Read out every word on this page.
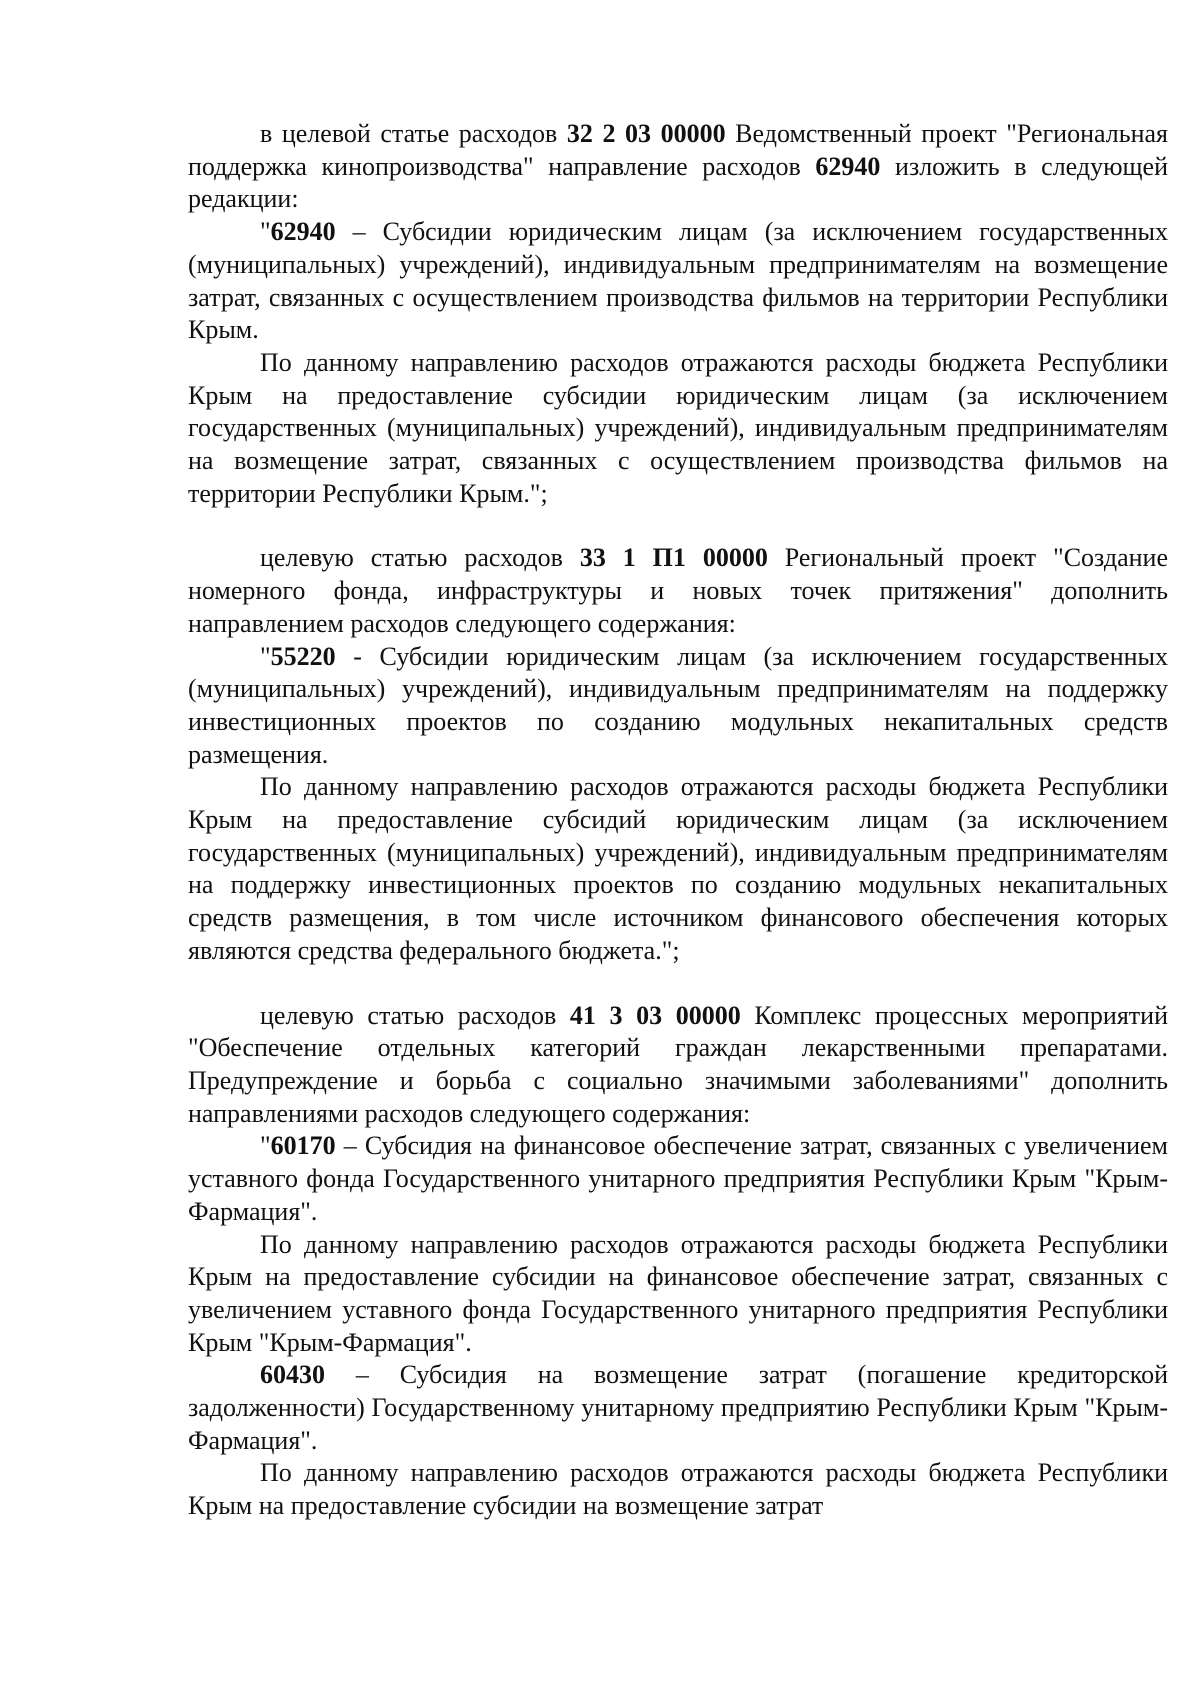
в целевой статье расходов 32 2 03 00000 Ведомственный проект "Региональная поддержка кинопроизводства" направление расходов 62940 изложить в следующей редакции:

"62940 – Субсидии юридическим лицам (за исключением государственных (муниципальных) учреждений), индивидуальным предпринимателям на возмещение затрат, связанных с осуществлением производства фильмов на территории Республики Крым.

По данному направлению расходов отражаются расходы бюджета Республики Крым на предоставление субсидии юридическим лицам (за исключением государственных (муниципальных) учреждений), индивидуальным предпринимателям на возмещение затрат, связанных с осуществлением производства фильмов на территории Республики Крым.";

целевую статью расходов 33 1 П1 00000 Региональный проект "Создание номерного фонда, инфраструктуры и новых точек притяжения" дополнить направлением расходов следующего содержания:

"55220 - Субсидии юридическим лицам (за исключением государственных (муниципальных) учреждений), индивидуальным предпринимателям на поддержку инвестиционных проектов по созданию модульных некапитальных средств размещения.

По данному направлению расходов отражаются расходы бюджета Республики Крым на предоставление субсидий юридическим лицам (за исключением государственных (муниципальных) учреждений), индивидуальным предпринимателям на поддержку инвестиционных проектов по созданию модульных некапитальных средств размещения, в том числе источником финансового обеспечения которых являются средства федерального бюджета.";

целевую статью расходов 41 3 03 00000 Комплекс процессных мероприятий "Обеспечение отдельных категорий граждан лекарственными препаратами. Предупреждение и борьба с социально значимыми заболеваниями" дополнить направлениями расходов следующего содержания:

"60170 – Субсидия на финансовое обеспечение затрат, связанных с увеличением уставного фонда Государственного унитарного предприятия Республики Крым "Крым-Фармация".

По данному направлению расходов отражаются расходы бюджета Республики Крым на предоставление субсидии на финансовое обеспечение затрат, связанных с увеличением уставного фонда Государственного унитарного предприятия Республики Крым "Крым-Фармация".

60430 – Субсидия на возмещение затрат (погашение кредиторской задолженности) Государственному унитарному предприятию Республики Крым "Крым-Фармация".

По данному направлению расходов отражаются расходы бюджета Республики Крым на предоставление субсидии на возмещение затрат
